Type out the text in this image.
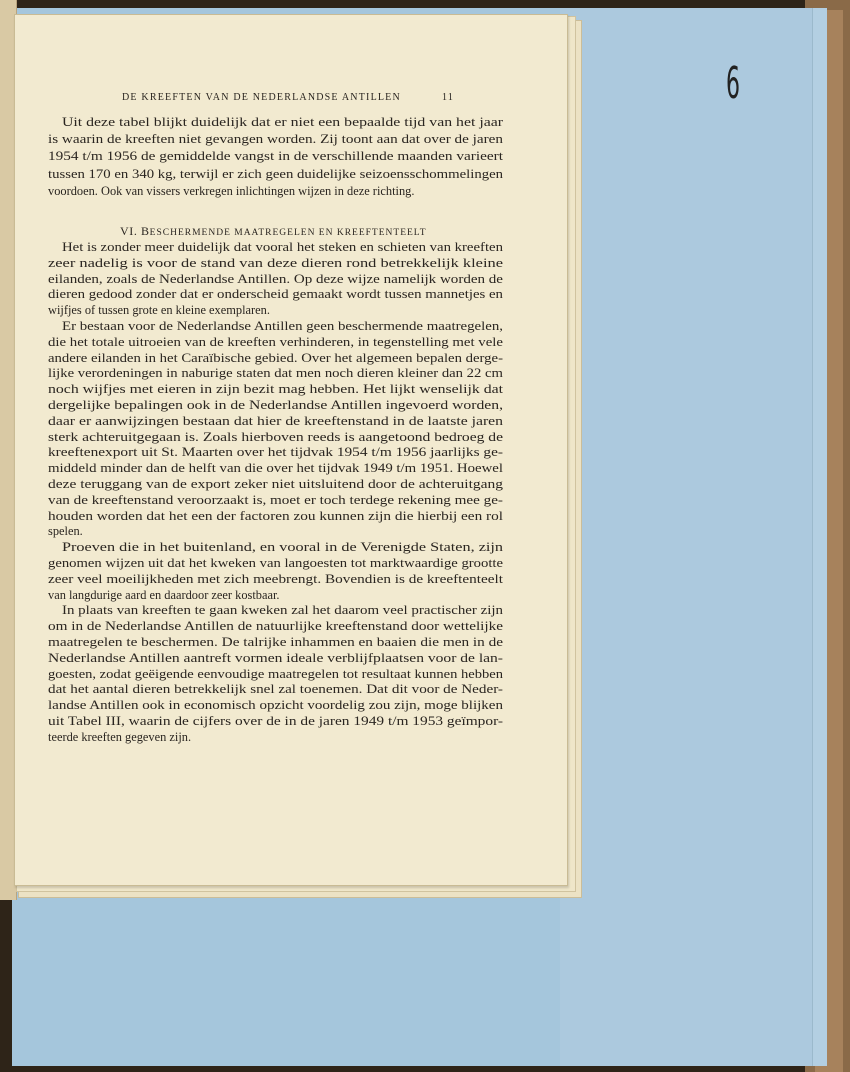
6
DE KREEFTEN VAN DE NEDERLANDSE ANTILLEN	11
Uit deze tabel blijkt duidelijk dat er niet een bepaalde tijd van het jaar
is waarin de kreeften niet gevangen worden. Zij toont aan dat over de jaren
1954 t/m 1956 de gemiddelde vangst in de verschillende maanden varieert
tussen 170 en 340 kg, terwijl er zich geen duidelijke seizoensschommelingen
voordoen. Ook van vissers verkregen inlichtingen wijzen in deze richting.
VI. BESCHERMENDE MAATREGELEN EN KREEFTENTEELT
Het is zonder meer duidelijk dat vooral het steken en schieten van kreeften
zeer nadelig is voor de stand van deze dieren rond betrekkelijk kleine
eilanden, zoals de Nederlandse Antillen. Op deze wijze namelijk worden de
dieren gedood zonder dat er onderscheid gemaakt wordt tussen mannetjes en
wijfjes of tussen grote en kleine exemplaren.
Er bestaan voor de Nederlandse Antillen geen beschermende maatregelen,
die het totale uitroeien van de kreeften verhinderen, in tegenstelling met vele
andere eilanden in het Caraïbische gebied. Over het algemeen bepalen derge-
lijke verordeningen in naburige staten dat men noch dieren kleiner dan 22 cm
noch wijfjes met eieren in zijn bezit mag hebben. Het lijkt wenselijk dat
dergelijke bepalingen ook in de Nederlandse Antillen ingevoerd worden,
daar er aanwijzingen bestaan dat hier de kreeftenstand in de laatste jaren
sterk achteruitgegaan is. Zoals hierboven reeds is aangetoond bedroeg de
kreeftenexport uit St. Maarten over het tijdvak 1954 t/m 1956 jaarlijks ge-
middeld minder dan de helft van die over het tijdvak 1949 t/m 1951. Hoewel
deze teruggang van de export zeker niet uitsluitend door de achteruitgang
van de kreeftenstand veroorzaakt is, moet er toch terdege rekening mee ge-
houden worden dat het een der factoren zou kunnen zijn die hierbij een rol
spelen.
Proeven die in het buitenland, en vooral in de Verenigde Staten, zijn
genomen wijzen uit dat het kweken van langoesten tot marktwaardige grootte
zeer veel moeilijkheden met zich meebrengt. Bovendien is de kreeftenteelt
van langdurige aard en daardoor zeer kostbaar.
In plaats van kreeften te gaan kweken zal het daarom veel practischer zijn
om in de Nederlandse Antillen de natuurlijke kreeftenstand door wettelijke
maatregelen te beschermen. De talrijke inhammen en baaien die men in de
Nederlandse Antillen aantreft vormen ideale verblijfplaatsen voor de lan-
goesten, zodat geëigende eenvoudige maatregelen tot resultaat kunnen hebben
dat het aantal dieren betrekkelijk snel zal toenemen. Dat dit voor de Neder-
landse Antillen ook in economisch opzicht voordelig zou zijn, moge blijken
uit Tabel III, waarin de cijfers over de in de jaren 1949 t/m 1953 geïmpor-
teerde kreeften gegeven zijn.
